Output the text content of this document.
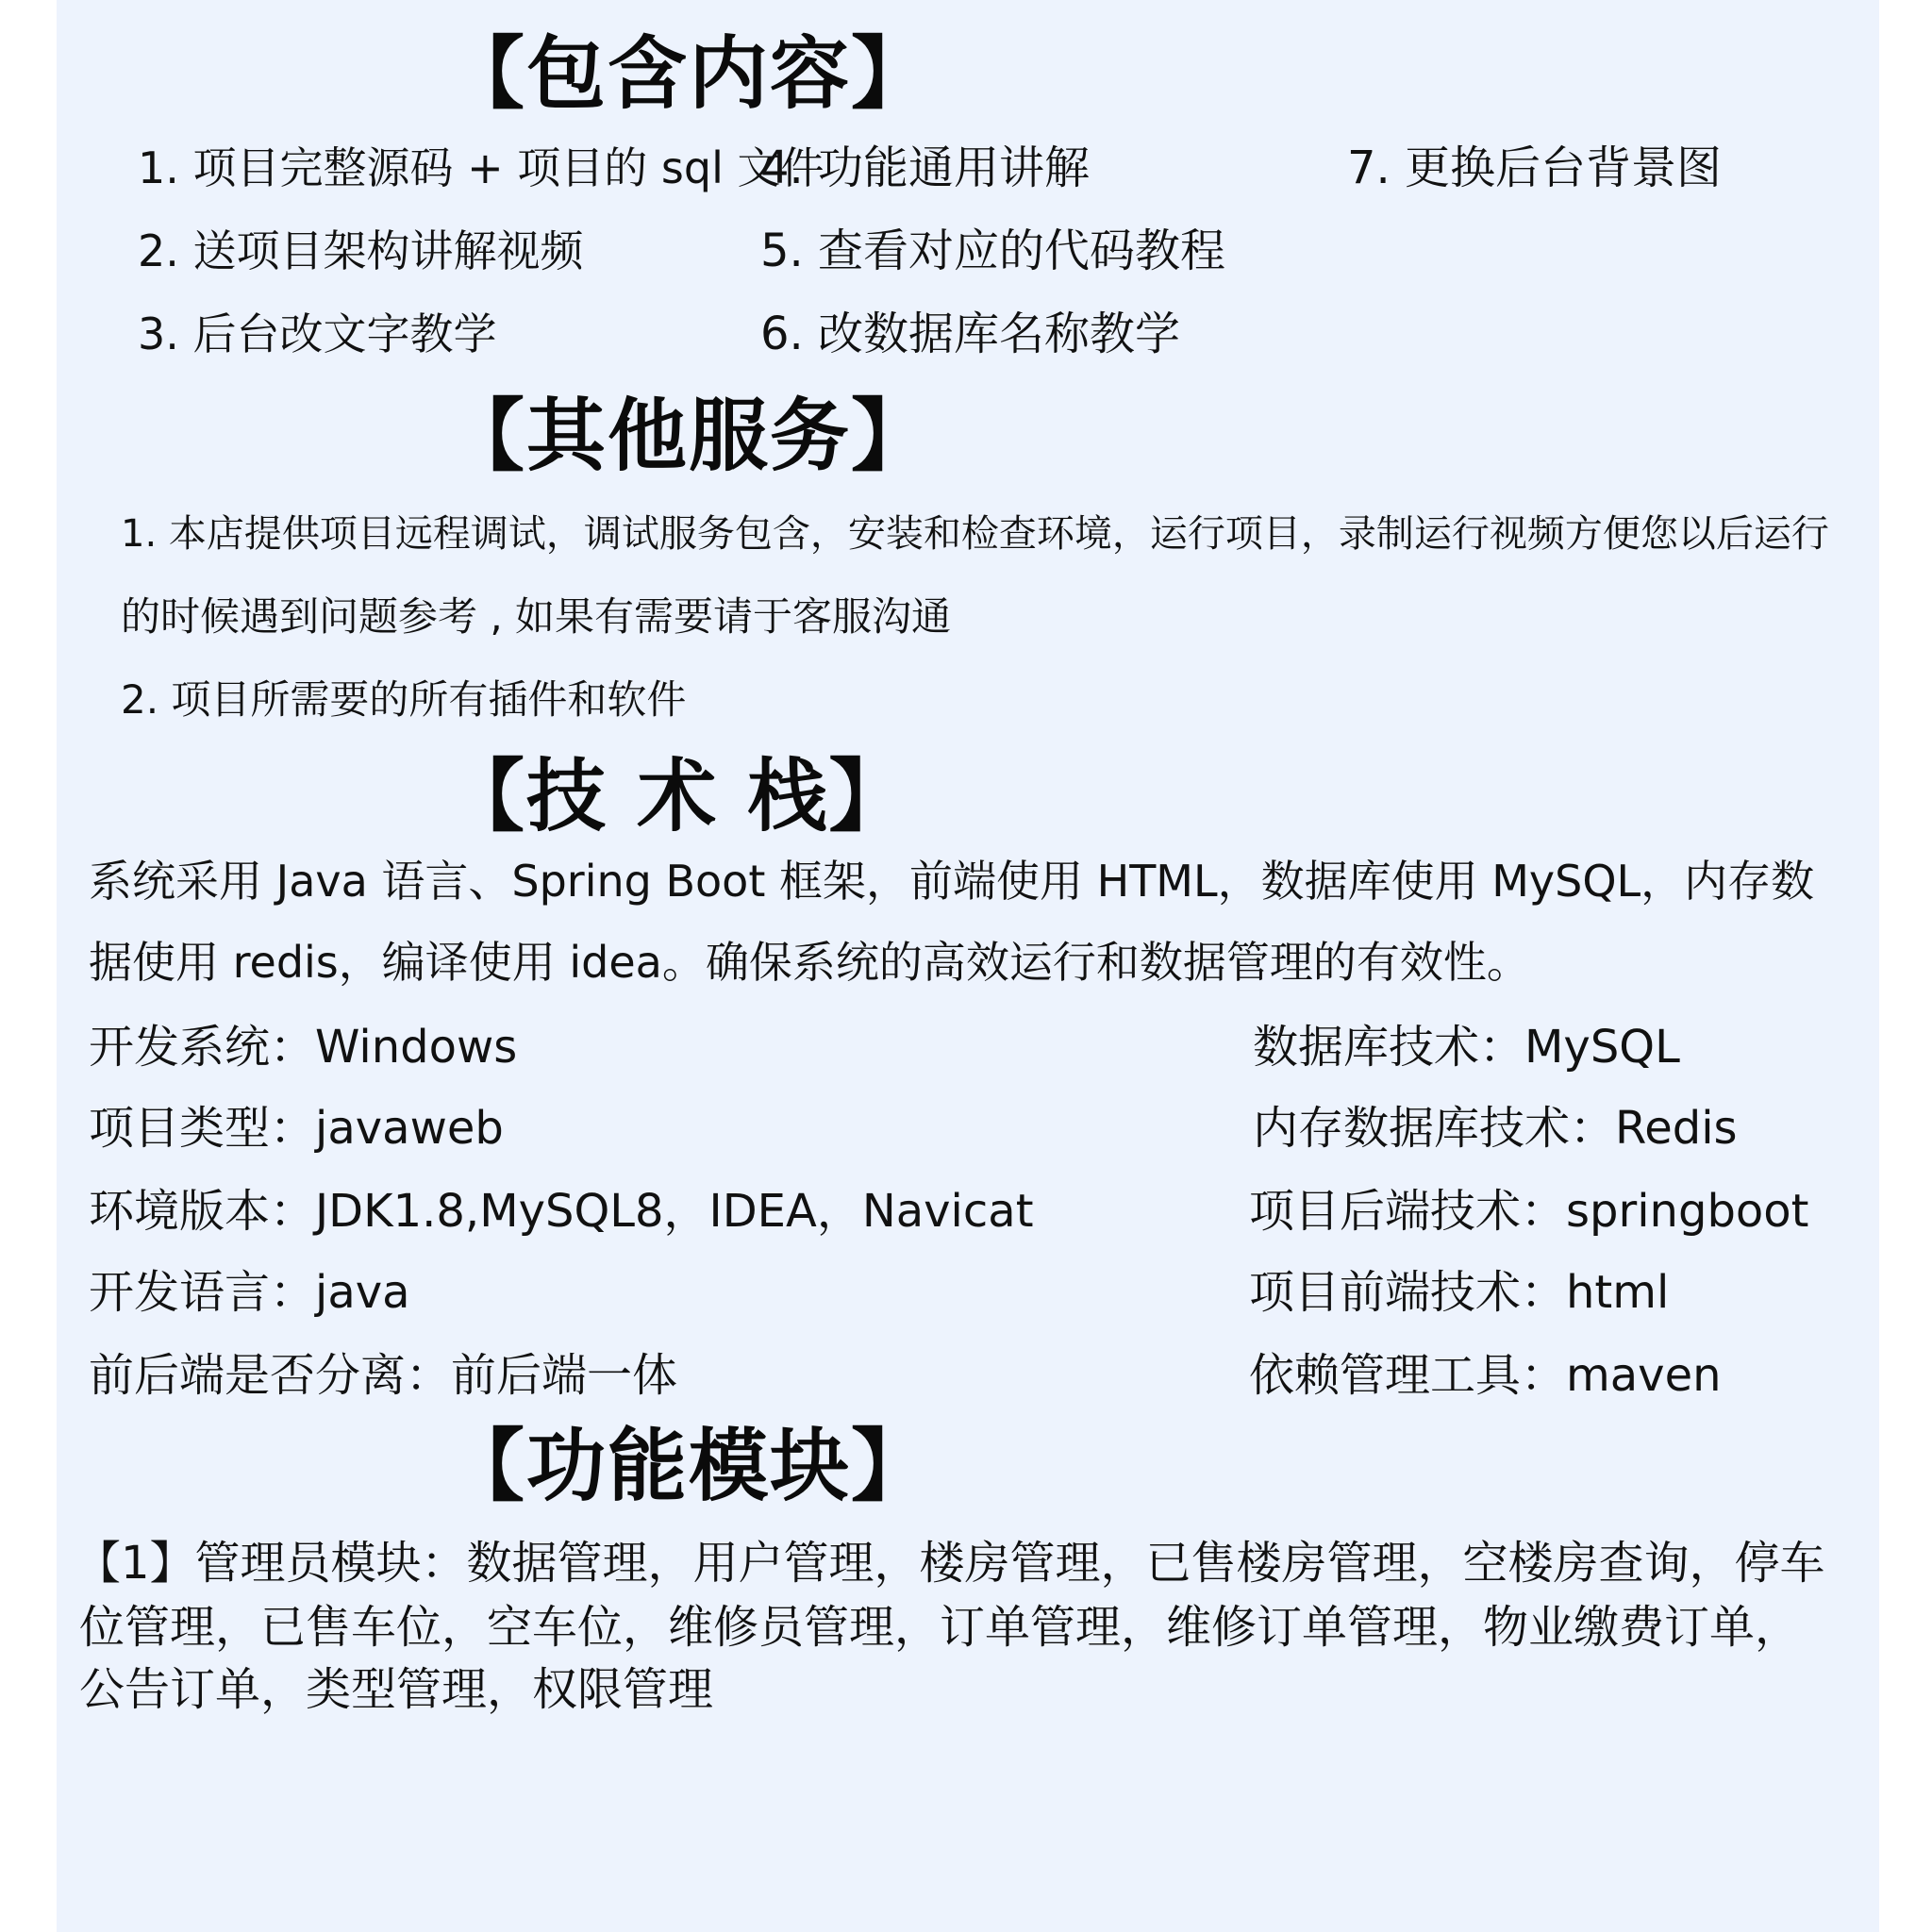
【包含内容】
1. 项目完整源码 + 项目的 sql 文件
2. 送项目架构讲解视频
3. 后台改文字教学
4. 功能通用讲解
5. 查看对应的代码教程
6. 改数据库名称教学
7. 更换后台背景图
【其他服务】
1. 本店提供项目远程调试，调试服务包含，安装和检查环境，运行项目，录制运行视频方便您以后运行
的时候遇到问题参考 , 如果有需要请于客服沟通
2. 项目所需要的所有插件和软件
【技 术 栈】
系统采用 Java 语言、Spring Boot 框架，前端使用 HTML，数据库使用 MySQL，内存数
据使用 redis，编译使用 idea。确保系统的高效运行和数据管理的有效性。
开发系统：Windows
项目类型：javaweb
环境版本：JDK1.8,MySQL8，IDEA，Navicat
开发语言：java
前后端是否分离：前后端一体
数据库技术：MySQL
内存数据库技术：Redis
项目后端技术：springboot
项目前端技术：html
依赖管理工具：maven
【功能模块】
【1】管理员模块：数据管理，用户管理，楼房管理，已售楼房管理，空楼房查询，停车
位管理，已售车位，空车位，维修员管理，订单管理，维修订单管理，物业缴费订单，
公告订单，类型管理，权限管理
